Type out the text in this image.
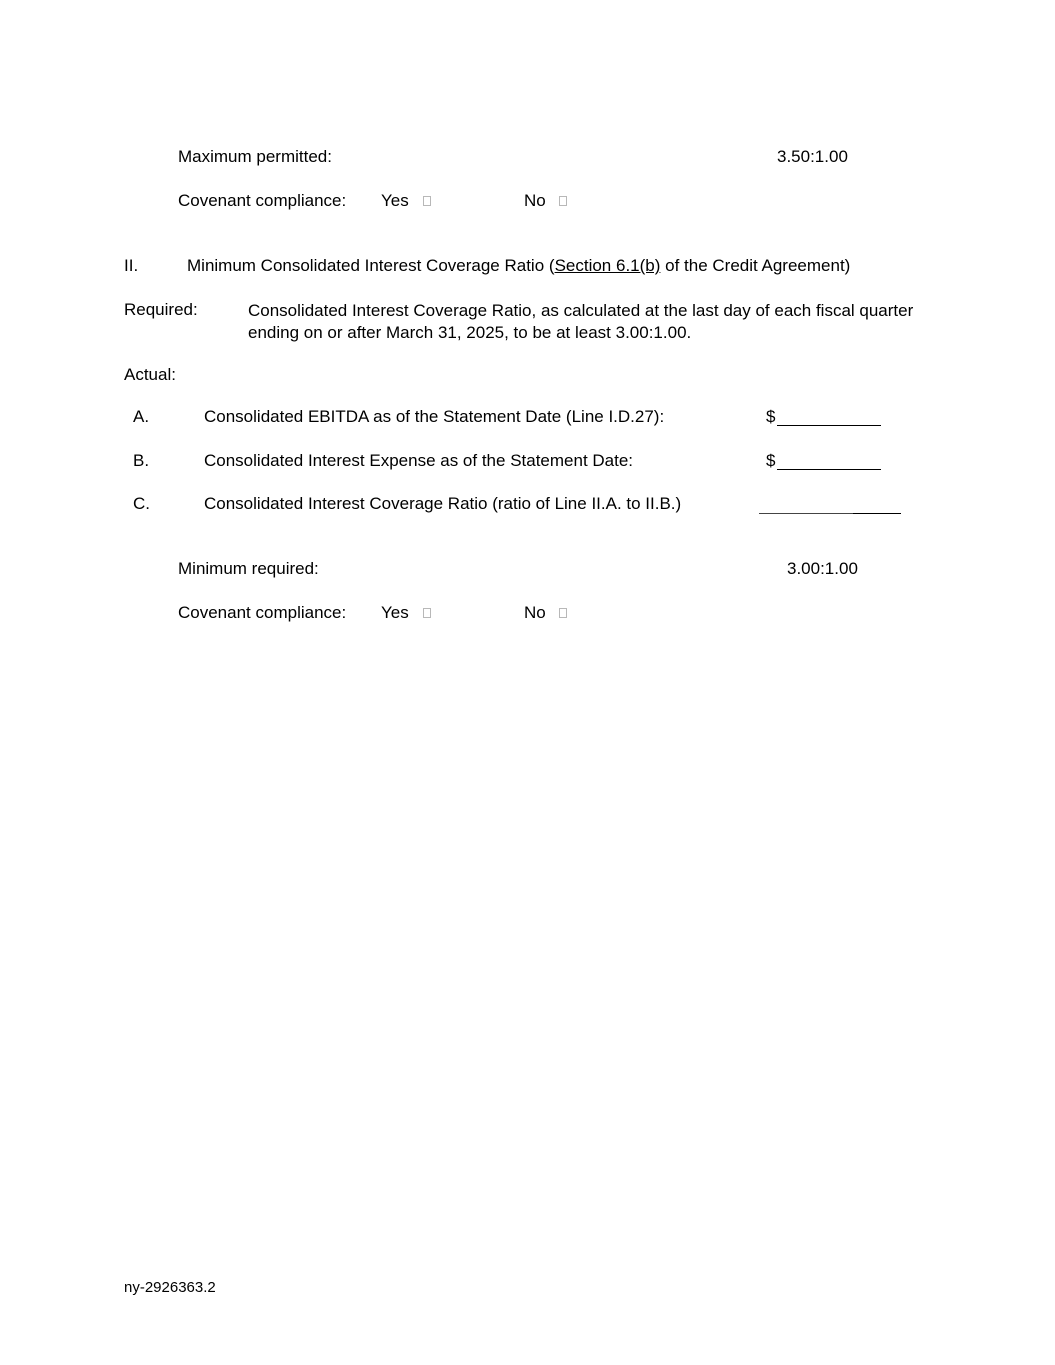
Maximum permitted:	3.50:1.00
Covenant compliance: Yes	No
II.	Minimum Consolidated Interest Coverage Ratio (Section 6.1(b) of the Credit Agreement)
Required:	Consolidated Interest Coverage Ratio, as calculated at the last day of each fiscal quarter ending on or after March 31, 2025, to be at least 3.00:1.00.
Actual:
A.	Consolidated EBITDA as of the Statement Date (Line I.D.27):	$
B.	Consolidated Interest Expense as of the Statement Date:	$
C.	Consolidated Interest Coverage Ratio (ratio of Line II.A. to II.B.)
Minimum required:	3.00:1.00
Covenant compliance: Yes	No
ny-2926363.2
